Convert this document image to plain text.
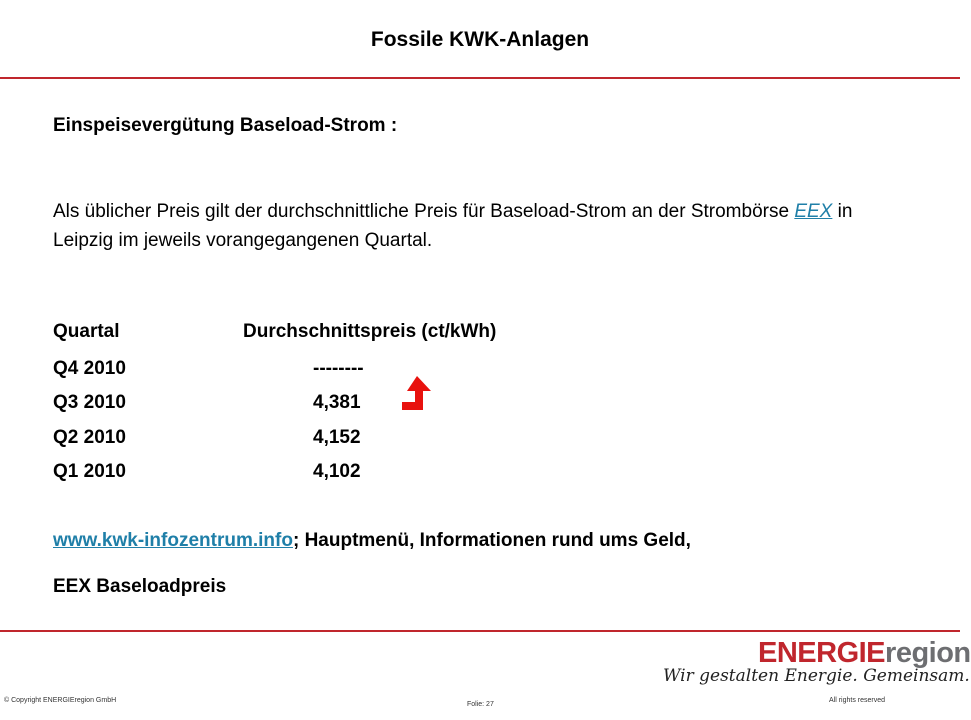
Fossile KWK-Anlagen
Einspeisevergütung Baseload-Strom :
Als üblicher Preis gilt der durchschnittliche Preis für Baseload-Strom an der Strombörse EEX in Leipzig im jeweils vorangegangenen Quartal.
Quartal	Durchschnittspreis (ct/kWh)
Q4 2010	--------
Q3 2010	4,381
Q2 2010	4,152
Q1 2010	4,102
www.kwk-infozentrum.info; Hauptmenü, Informationen rund ums Geld,
EEX Baseloadpreis
ENERGIEregion
Wir gestalten Energie. Gemeinsam.
© Copyright ENERGIEregion GmbH
Folie: 27
All rights reserved
